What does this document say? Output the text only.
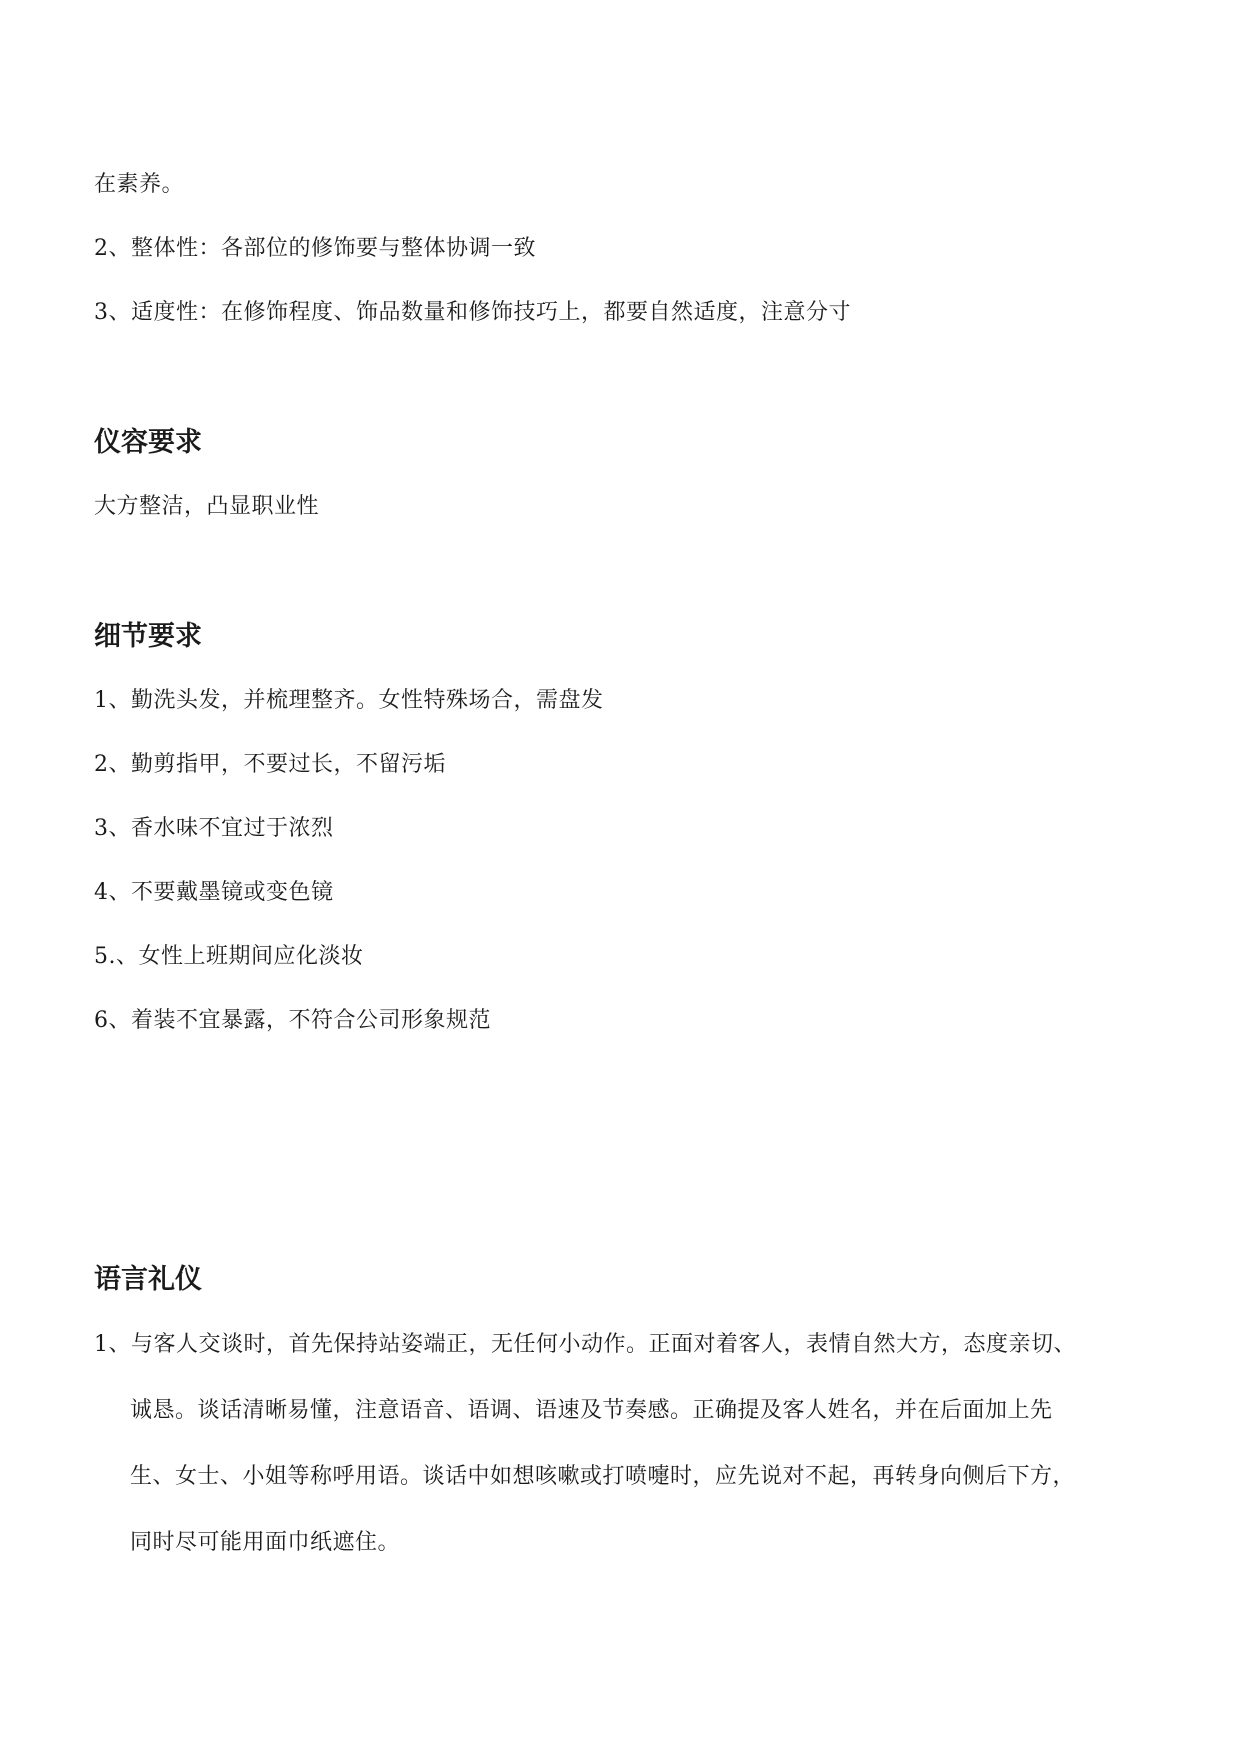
在素养。
2、整体性：各部位的修饰要与整体协调一致
3、适度性：在修饰程度、饰品数量和修饰技巧上，都要自然适度，注意分寸
仪容要求
大方整洁，凸显职业性
细节要求
1、勤洗头发，并梳理整齐。女性特殊场合，需盘发
2、勤剪指甲，不要过长，不留污垢
3、香水味不宜过于浓烈
4、不要戴墨镜或变色镜
5.、女性上班期间应化淡妆
6、着装不宜暴露，不符合公司形象规范
语言礼仪
1、与客人交谈时，首先保持站姿端正，无任何小动作。正面对着客人，表情自然大方，态度亲切、
诚恳。谈话清晰易懂，注意语音、语调、语速及节奏感。正确提及客人姓名，并在后面加上先
生、女士、小姐等称呼用语。谈话中如想咳嗽或打喷嚏时，应先说对不起，再转身向侧后下方，
同时尽可能用面巾纸遮住。
